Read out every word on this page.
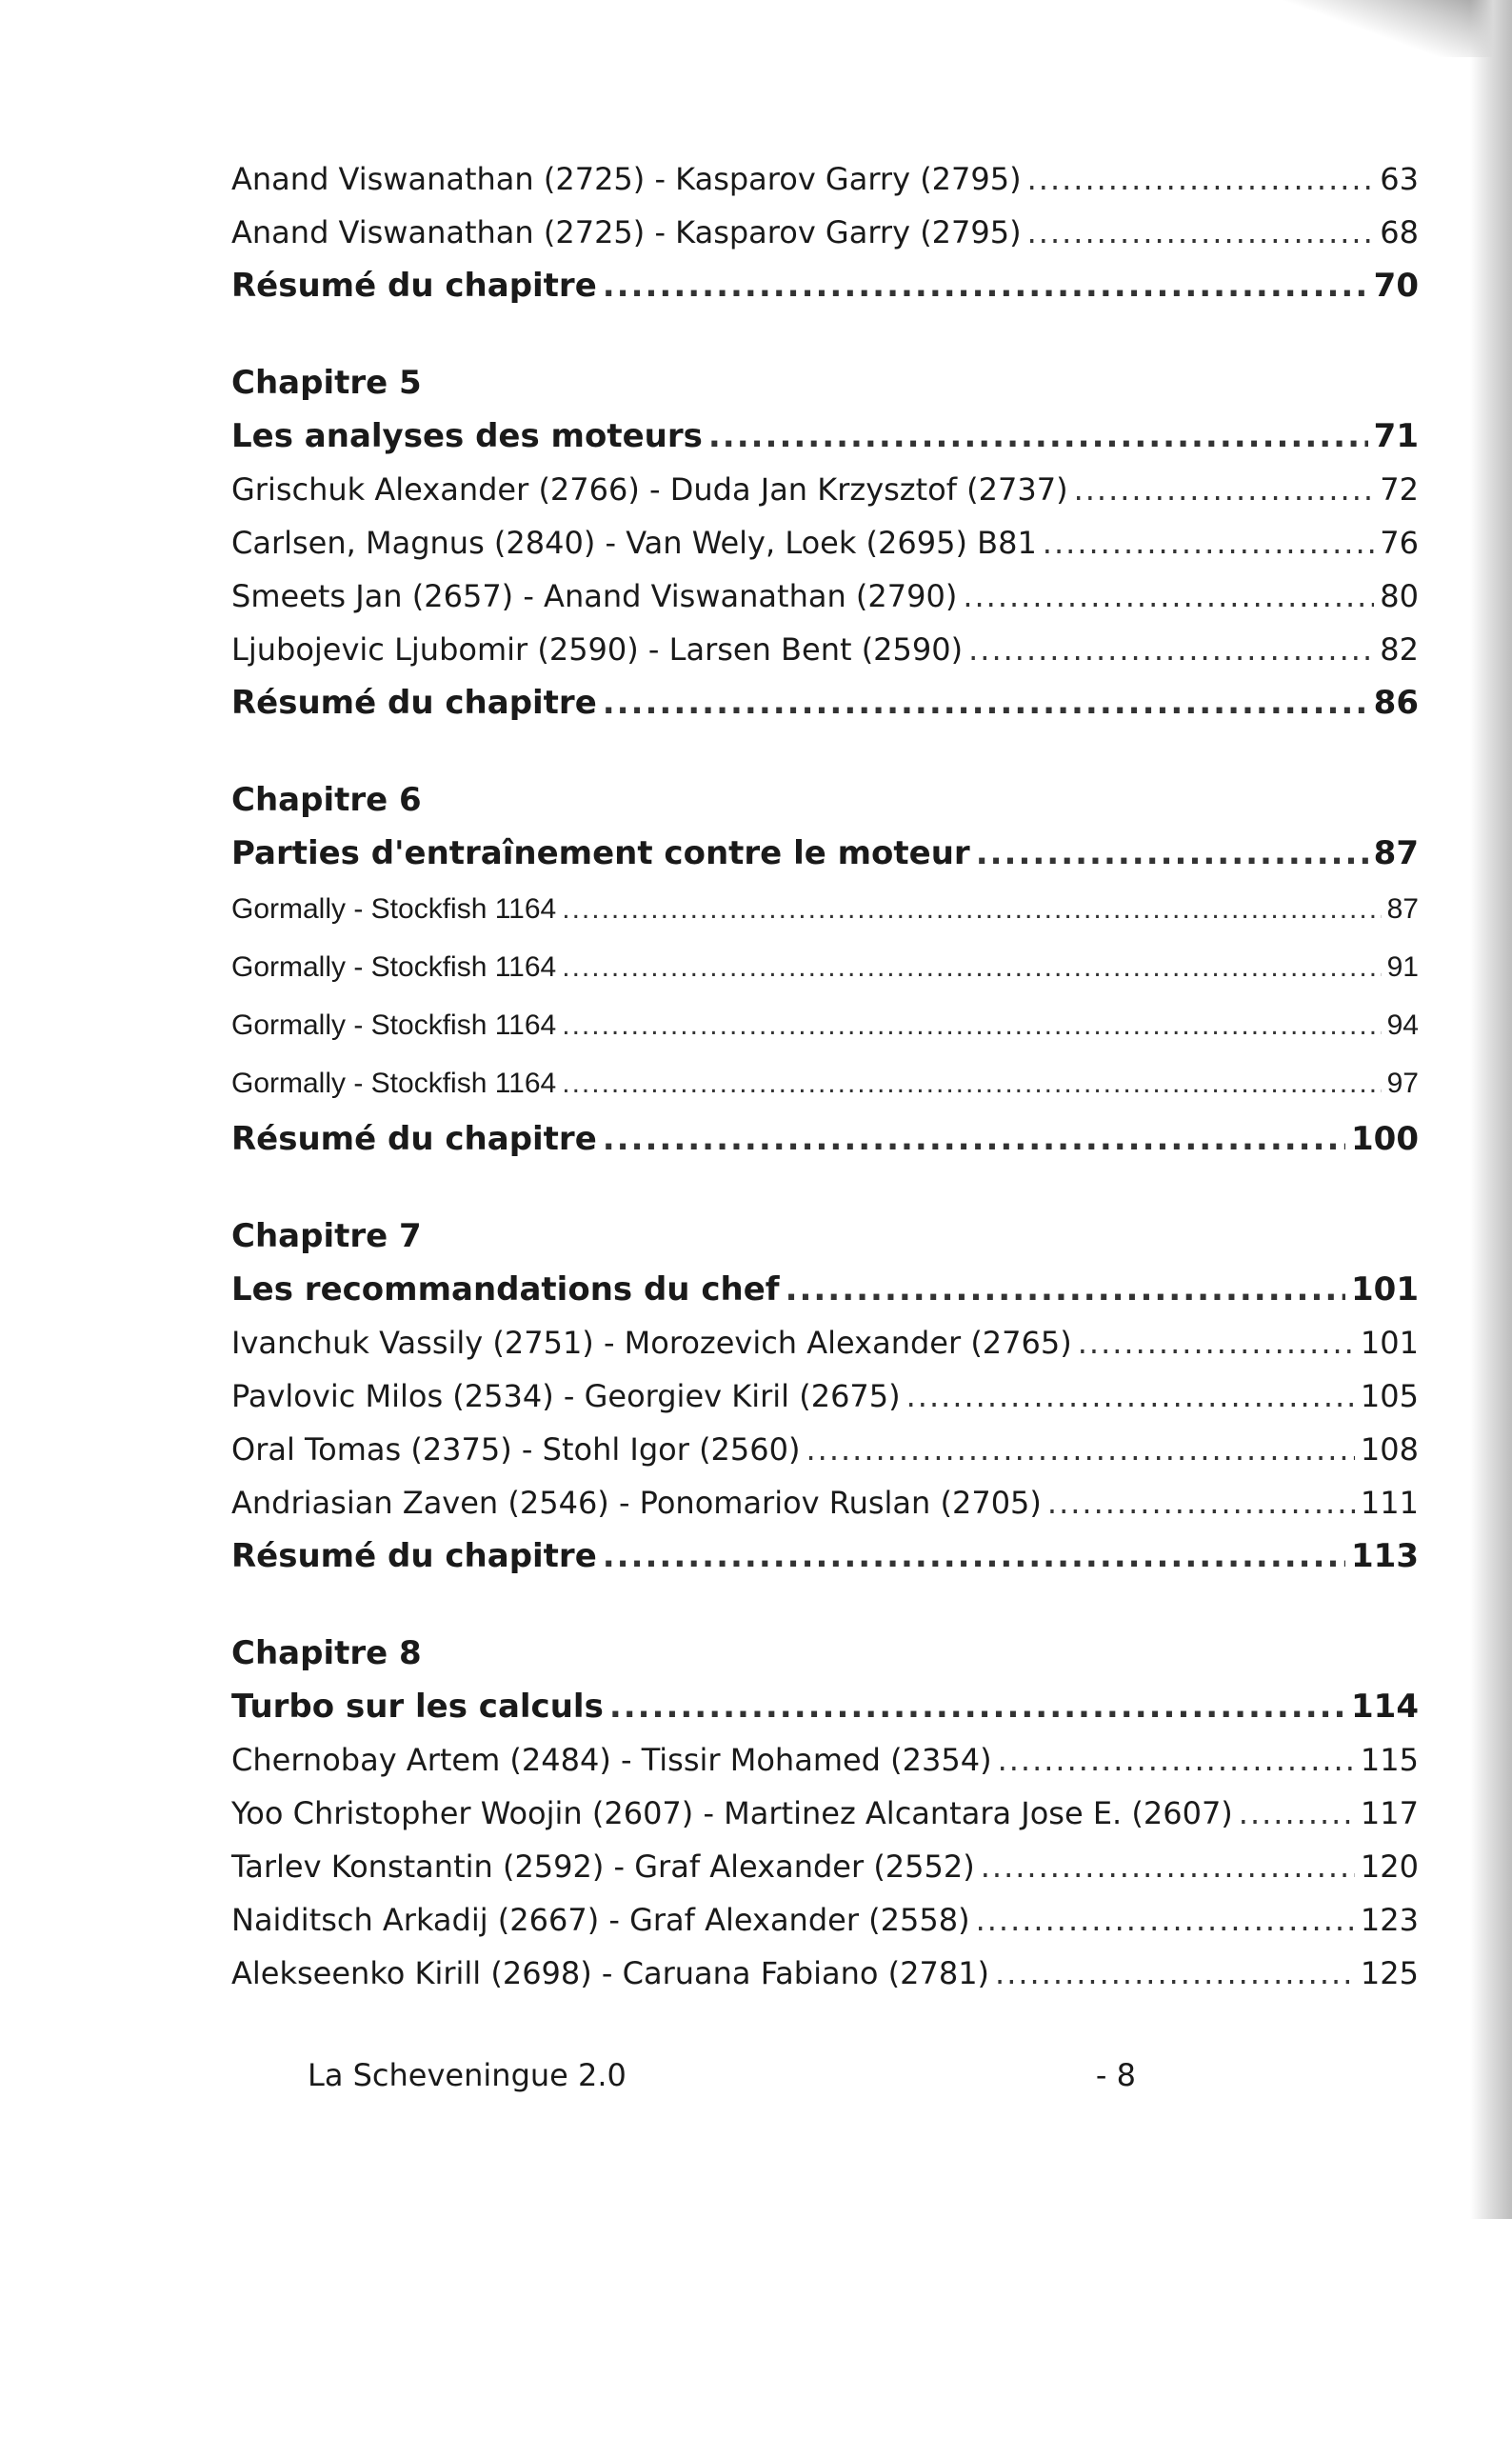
Anand Viswanathan (2725) - Kasparov Garry (2795) .....	63
Anand Viswanathan (2725) - Kasparov Garry (2795) .....	68
Résumé du chapitre .....	70
Chapitre 5
Les analyses des moteurs .....	71
Grischuk Alexander (2766) - Duda Jan Krzysztof (2737) .....	72
Carlsen, Magnus (2840) - Van Wely, Loek (2695) B81 .....	76
Smeets Jan (2657) - Anand Viswanathan (2790) .....	80
Ljubojevic Ljubomir (2590) - Larsen Bent (2590) .....	82
Résumé du chapitre .....	86
Chapitre 6
Parties d'entraînement contre le moteur .....	87
Gormally - Stockfish 1164 .....	87
Gormally - Stockfish 1164 .....	91
Gormally - Stockfish 1164 .....	94
Gormally - Stockfish 1164 .....	97
Résumé du chapitre .....	100
Chapitre 7
Les recommandations du chef .....	101
Ivanchuk Vassily (2751) - Morozevich Alexander (2765) .....	101
Pavlovic Milos (2534) - Georgiev Kiril (2675) .....	105
Oral Tomas (2375) - Stohl Igor (2560) .....	108
Andriasian Zaven (2546) - Ponomariov Ruslan (2705) .....	111
Résumé du chapitre .....	113
Chapitre 8
Turbo sur les calculs .....	114
Chernobay Artem (2484) - Tissir Mohamed (2354) .....	115
Yoo Christopher Woojin (2607) - Martinez Alcantara Jose E. (2607) .....	117
Tarlev Konstantin (2592) - Graf Alexander (2552) .....	120
Naiditsch Arkadij (2667) - Graf Alexander (2558) .....	123
Alekseenko Kirill (2698) - Caruana Fabiano (2781) .....	125
La Scheveningue 2.0	- 8
